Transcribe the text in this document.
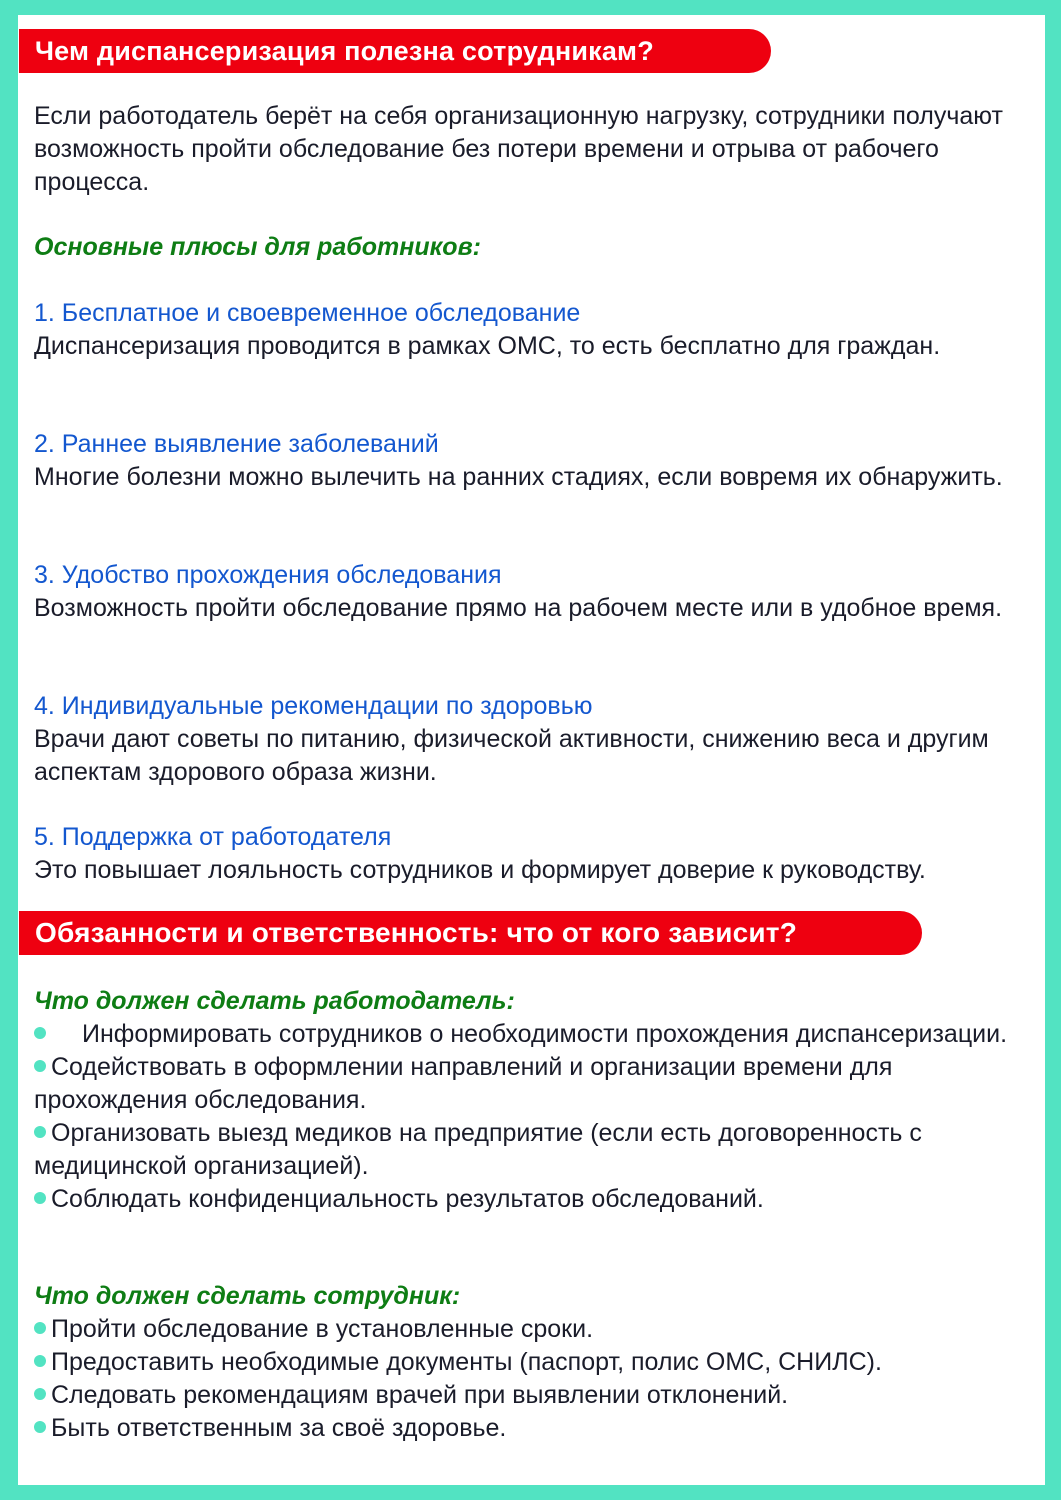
Чем диспансеризация полезна сотрудникам?

Если работодатель берёт на себя организационную нагрузку, сотрудники получают возможность пройти обследование без потери времени и отрыва от рабочего процесса.

Основные плюсы для работников:

1. Бесплатное и своевременное обследование

Диспансеризация проводится в рамках ОМС, то есть бесплатно для граждан.

2. Раннее выявление заболеваний

Многие болезни можно вылечить на ранних стадиях, если вовремя их обнаружить.

3. Удобство прохождения обследования

Возможность пройти обследование прямо на рабочем месте или в удобное время.

4. Индивидуальные рекомендации по здоровью

Врачи дают советы по питанию, физической активности, снижению веса и другим аспектам здорового образа жизни.

5. Поддержка от работодателя

Это повышает лояльность сотрудников и формирует доверие к руководству.

Обязанности и ответственность: что от кого зависит?

Что должен сделать работодатель:

Информировать сотрудников о необходимости прохождения диспансеризации.
Содействовать в оформлении направлений и организации времени для прохождения обследования.
Организовать выезд медиков на предприятие (если есть договоренность с медицинской организацией).
Соблюдать конфиденциальность результатов обследований.

Что должен сделать сотрудник:

Пройти обследование в установленные сроки.
Предоставить необходимые документы (паспорт, полис ОМС, СНИЛС).
Следовать рекомендациям врачей при выявлении отклонений.
Быть ответственным за своё здоровье.
